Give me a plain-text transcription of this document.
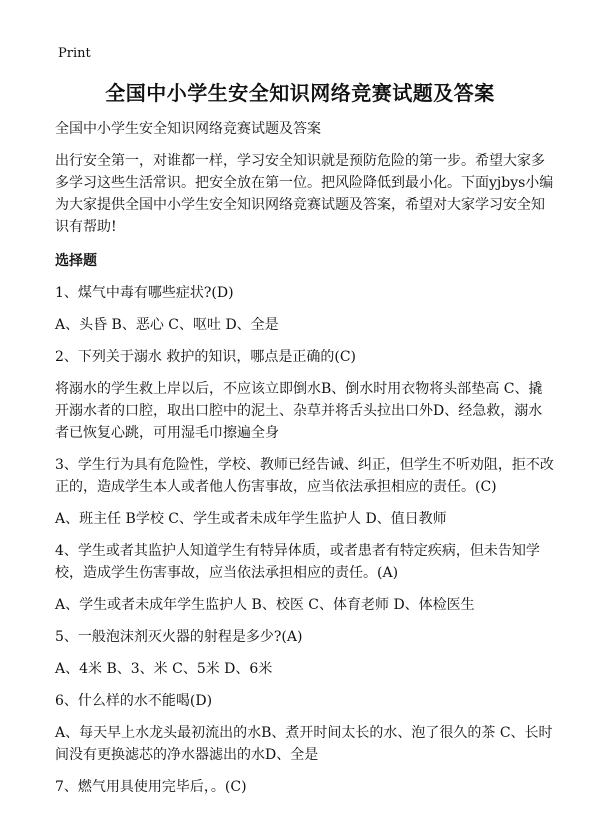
Print
全国中小学生安全知识网络竞赛试题及答案

全国中小学生安全知识网络竞赛试题及答案

出行安全第一，对谁都一样，学习安全知识就是预防危险的第一步。希望大家多多学习这些生活常识。把安全放在第一位。把风险降低到最小化。下面yjbys小编为大家提供全国中小学生安全知识网络竞赛试题及答案，希望对大家学习安全知识有帮助!

选择题

1、煤气中毒有哪些症状?(D)

A、头昏 B、恶心 C、呕吐 D、全是

2、下列关于溺水 救护的知识，哪点是正确的(C)

将溺水的学生救上岸以后，不应该立即倒水B、倒水时用衣物将头部垫高 C、撬开溺水者的口腔，取出口腔中的泥土、杂草并将舌头拉出口外D、经急救，溺水者已恢复心跳，可用湿毛巾擦遍全身

3、学生行为具有危险性，学校、教师已经告诫、纠正，但学生不听劝阻，拒不改正的，造成学生本人或者他人伤害事故，应当依法承担相应的责任。(C)

A、班主任 B学校 C、学生或者未成年学生监护人 D、值日教师

4、学生或者其监护人知道学生有特异体质，或者患者有特定疾病，但未告知学校，造成学生伤害事故，应当依法承担相应的责任。(A)

A、学生或者未成年学生监护人 B、校医 C、体育老师 D、体检医生

5、一般泡沫剂灭火器的射程是多少?(A)

A、4米 B、3、米 C、5米 D、6米

6、什么样的水不能喝(D)

A、每天早上水龙头最初流出的水B、煮开时间太长的水、泡了很久的茶 C、长时间没有更换滤芯的净水器滤出的水D、全是

7、燃气用具使用完毕后，。(C)
